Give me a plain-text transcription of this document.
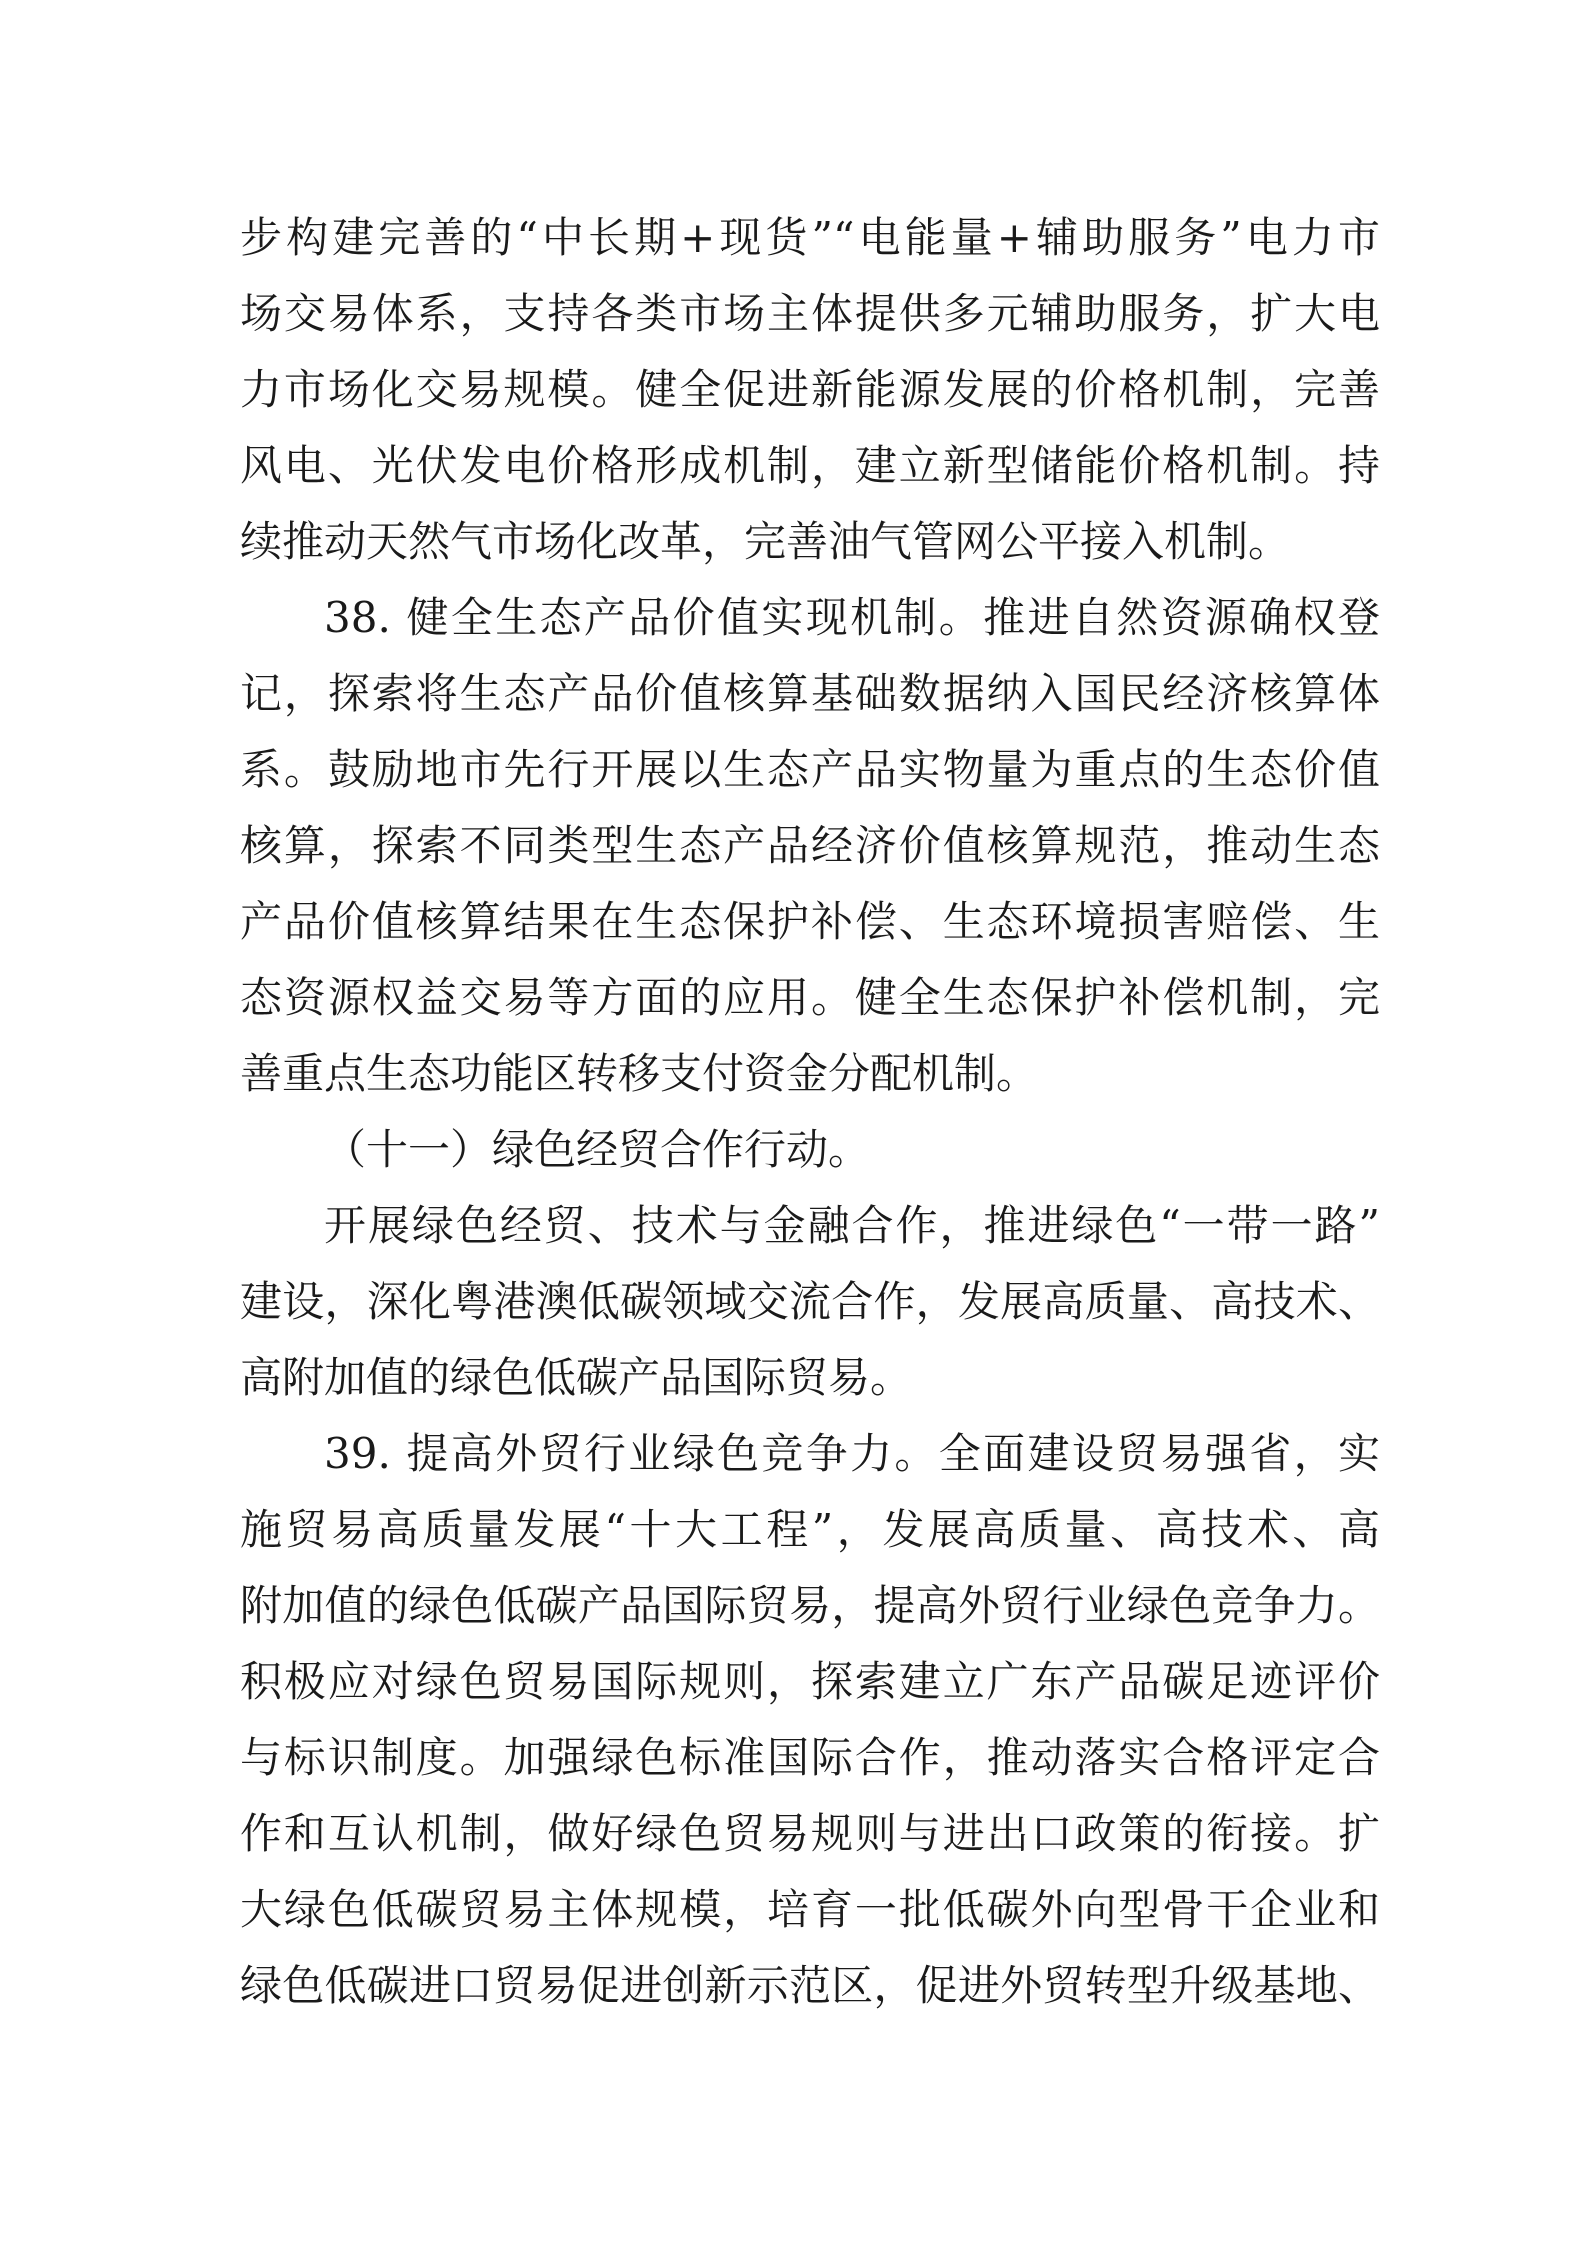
步构建完善的“中长期+现货”“电能量+辅助服务”电力市
场交易体系，支持各类市场主体提供多元辅助服务，扩大电
力市场化交易规模。健全促进新能源发展的价格机制，完善
风电、光伏发电价格形成机制，建立新型储能价格机制。持
续推动天然气市场化改革，完善油气管网公平接入机制。
38. 健全生态产品价值实现机制。推进自然资源确权登
记，探索将生态产品价值核算基础数据纳入国民经济核算体
系。鼓励地市先行开展以生态产品实物量为重点的生态价值
核算，探索不同类型生态产品经济价值核算规范，推动生态
产品价值核算结果在生态保护补偿、生态环境损害赔偿、生
态资源权益交易等方面的应用。健全生态保护补偿机制，完
善重点生态功能区转移支付资金分配机制。
（十一）绿色经贸合作行动。
开展绿色经贸、技术与金融合作，推进绿色“一带一路”
建设，深化粤港澳低碳领域交流合作，发展高质量、高技术、
高附加值的绿色低碳产品国际贸易。
39. 提高外贸行业绿色竞争力。全面建设贸易强省，实
施贸易高质量发展“十大工程”，发展高质量、高技术、高
附加值的绿色低碳产品国际贸易，提高外贸行业绿色竞争力。
积极应对绿色贸易国际规则，探索建立广东产品碳足迹评价
与标识制度。加强绿色标准国际合作，推动落实合格评定合
作和互认机制，做好绿色贸易规则与进出口政策的衔接。扩
大绿色低碳贸易主体规模，培育一批低碳外向型骨干企业和
绿色低碳进口贸易促进创新示范区，促进外贸转型升级基地、
